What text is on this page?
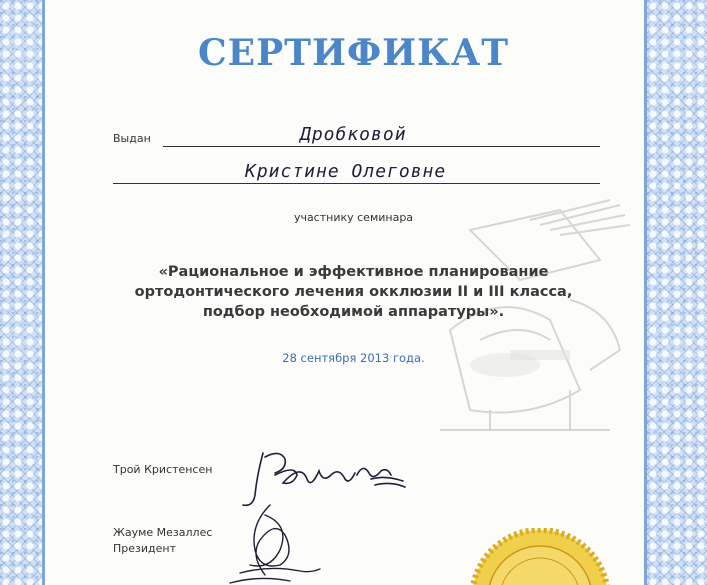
СЕРТИФИКАТ
Выдан	Дробковой
Кристине Олеговне
участнику семинара
«Рациональное и эффективное планирование
ортодонтического лечения окклюзии II и III класса,
подбор необходимой аппаратуры».
28 сентября 2013 года.
Трой Кристенсен
Жауме Мезаллес
Президент
